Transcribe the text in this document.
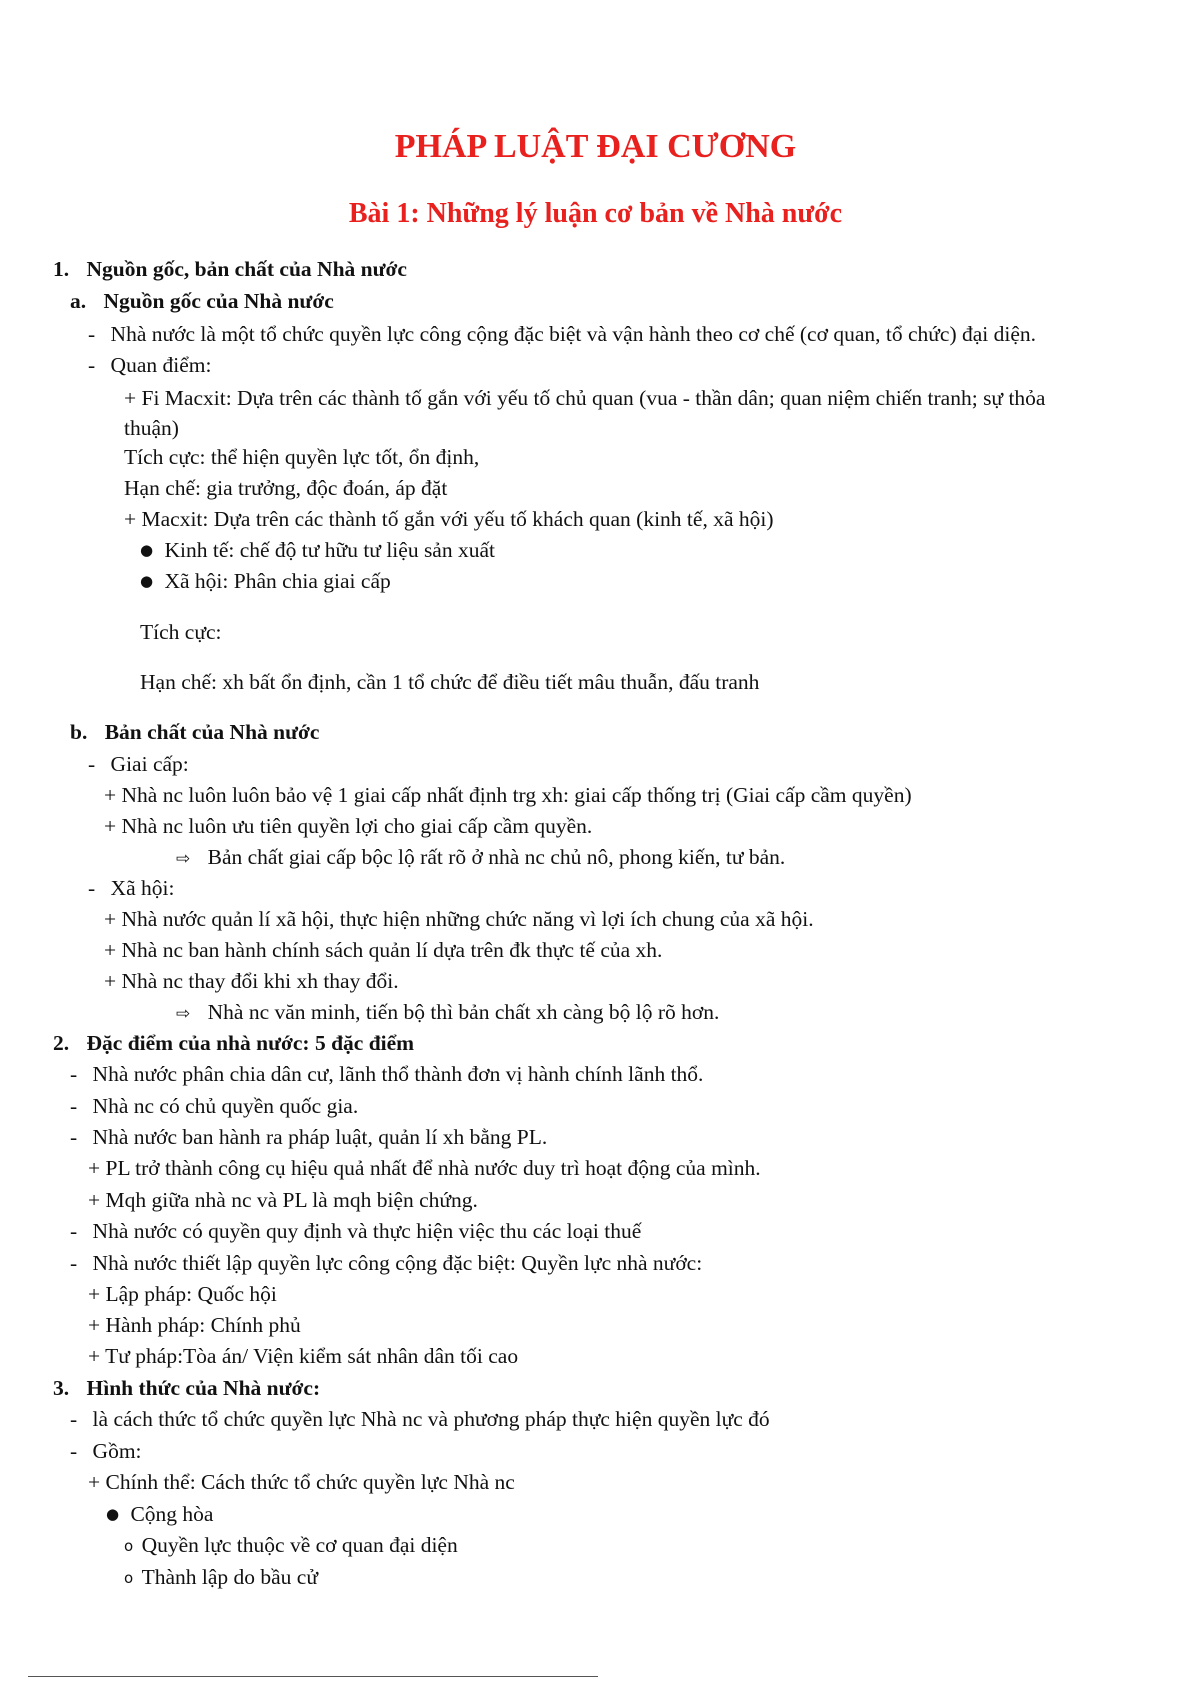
PHÁP LUẬT ĐẠI CƯƠNG
Bài 1: Những lý luận cơ bản về Nhà nước
1. Nguồn gốc, bản chất của Nhà nước
a. Nguồn gốc của Nhà nước
- Nhà nước là một tổ chức quyền lực công cộng đặc biệt và vận hành theo cơ chế (cơ quan, tổ chức) đại diện.
- Quan điểm:
+ Fi Macxit: Dựa trên các thành tố gắn với yếu tố chủ quan (vua - thần dân; quan niệm chiến tranh; sự thỏa
thuận)
Tích cực: thể hiện quyền lực tốt, ổn định,
Hạn chế: gia trưởng, độc đoán, áp đặt
+ Macxit: Dựa trên các thành tố gắn với yếu tố khách quan (kinh tế, xã hội)
● Kinh tế: chế độ tư hữu tư liệu sản xuất
● Xã hội: Phân chia giai cấp
Tích cực:
Hạn chế: xh bất ổn định, cần 1 tổ chức để điều tiết mâu thuẫn, đấu tranh
b. Bản chất của Nhà nước
- Giai cấp:
+ Nhà nc luôn luôn bảo vệ 1 giai cấp nhất định trg xh: giai cấp thống trị (Giai cấp cầm quyền)
+ Nhà nc luôn ưu tiên quyền lợi cho giai cấp cầm quyền.
⇨ Bản chất giai cấp bộc lộ rất rõ ở nhà nc chủ nô, phong kiến, tư bản.
- Xã hội:
+ Nhà nước quản lí xã hội, thực hiện những chức năng vì lợi ích chung của xã hội.
+ Nhà nc ban hành chính sách quản lí dựa trên đk thực tế của xh.
+ Nhà nc thay đổi khi xh thay đổi.
⇨ Nhà nc văn minh, tiến bộ thì bản chất xh càng bộ lộ rõ hơn.
2. Đặc điểm của nhà nước: 5 đặc điểm
- Nhà nước phân chia dân cư, lãnh thổ thành đơn vị hành chính lãnh thổ.
- Nhà nc có chủ quyền quốc gia.
- Nhà nước ban hành ra pháp luật, quản lí xh bằng PL.
+ PL trở thành công cụ hiệu quả nhất để nhà nước duy trì hoạt động của mình.
+ Mqh giữa nhà nc và PL là mqh biện chứng.
- Nhà nước có quyền quy định và thực hiện việc thu các loại thuế
- Nhà nước thiết lập quyền lực công cộng đặc biệt: Quyền lực nhà nước:
+ Lập pháp: Quốc hội
+ Hành pháp: Chính phủ
+ Tư pháp:Tòa án/ Viện kiểm sát nhân dân tối cao
3. Hình thức của Nhà nước:
- là cách thức tổ chức quyền lực Nhà nc và phương pháp thực hiện quyền lực đó
- Gồm:
+ Chính thể: Cách thức tổ chức quyền lực Nhà nc
● Cộng hòa
o Quyền lực thuộc về cơ quan đại diện
o Thành lập do bầu cử
